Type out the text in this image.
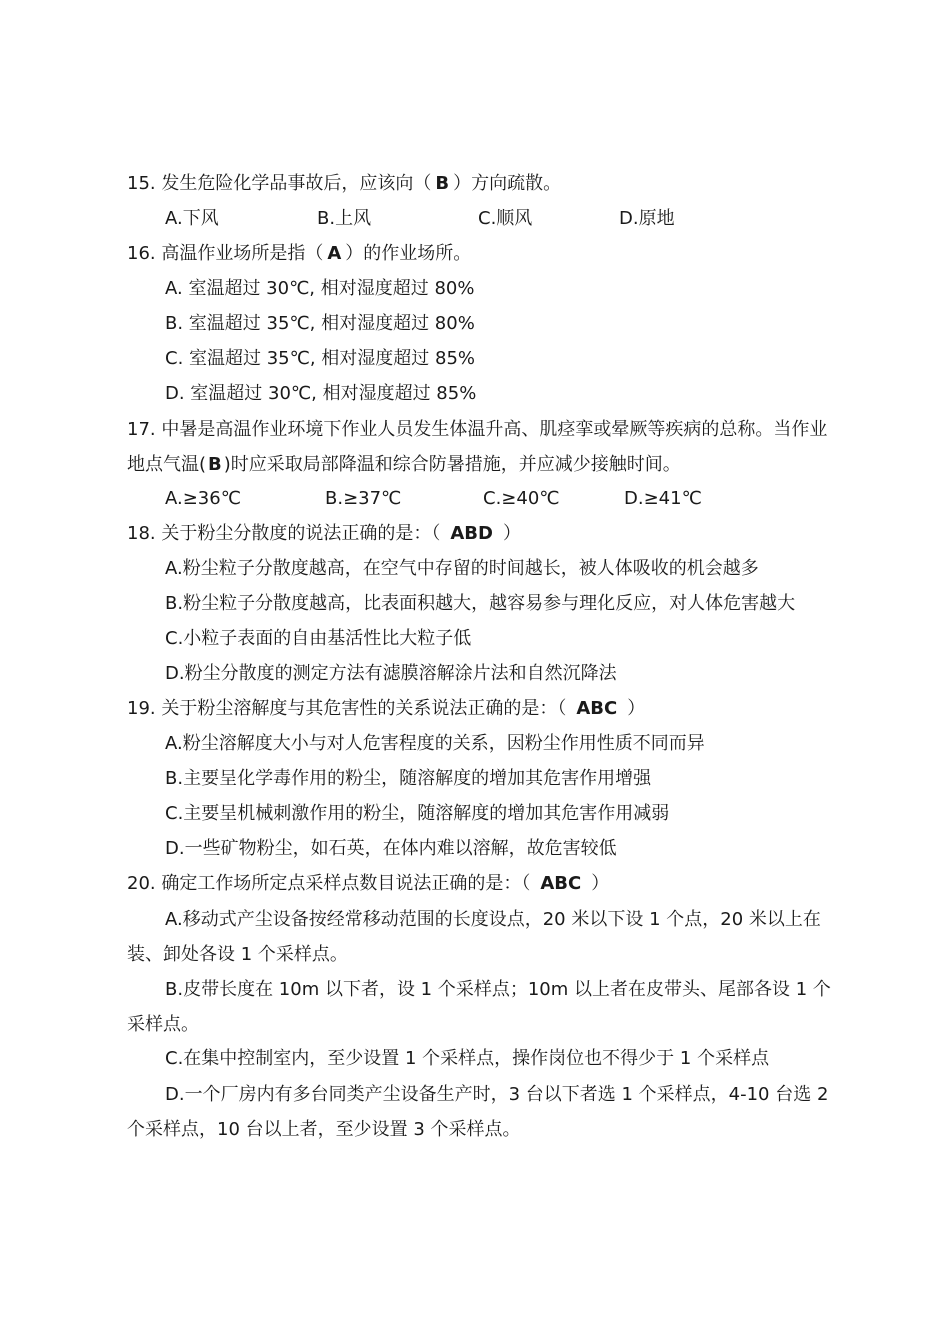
15. 发生危险化学品事故后，应该向（ B ）方向疏散。
A.下风	B.上风	C.顺风	D.原地
16. 高温作业场所是指（ A ）的作业场所。
A. 室温超过 30℃, 相对湿度超过 80%
B. 室温超过 35℃, 相对湿度超过 80%
C. 室温超过 35℃, 相对湿度超过 85%
D. 室温超过 30℃, 相对湿度超过 85%
17. 中暑是高温作业环境下作业人员发生体温升高、肌痉挛或晕厥等疾病的总称。当作业地点气温( B )时应采取局部降温和综合防暑措施，并应减少接触时间。
A.≥36℃	B.≥37℃	C.≥40℃	D.≥41℃
18. 关于粉尘分散度的说法正确的是：（ ABD ）
A.粉尘粒子分散度越高，在空气中存留的时间越长，被人体吸收的机会越多
B.粉尘粒子分散度越高，比表面积越大，越容易参与理化反应，对人体危害越大
C.小粒子表面的自由基活性比大粒子低
D.粉尘分散度的测定方法有滤膜溶解涂片法和自然沉降法
19. 关于粉尘溶解度与其危害性的关系说法正确的是：（ ABC ）
A.粉尘溶解度大小与对人危害程度的关系，因粉尘作用性质不同而异
B.主要呈化学毒作用的粉尘，随溶解度的增加其危害作用增强
C.主要呈机械刺激作用的粉尘，随溶解度的增加其危害作用减弱
D.一些矿物粉尘，如石英，在体内难以溶解，故危害较低
20. 确定工作场所定点采样点数目说法正确的是：（ ABC ）
A.移动式产尘设备按经常移动范围的长度设点，20 米以下设 1 个点，20 米以上在装、卸处各设 1 个采样点。
B.皮带长度在 10m 以下者，设 1 个采样点；10m 以上者在皮带头、尾部各设 1 个采样点。
C.在集中控制室内，至少设置 1 个采样点，操作岗位也不得少于 1 个采样点
D.一个厂房内有多台同类产尘设备生产时，3 台以下者选 1 个采样点，4-10 台选 2 个采样点，10 台以上者，至少设置 3 个采样点。
